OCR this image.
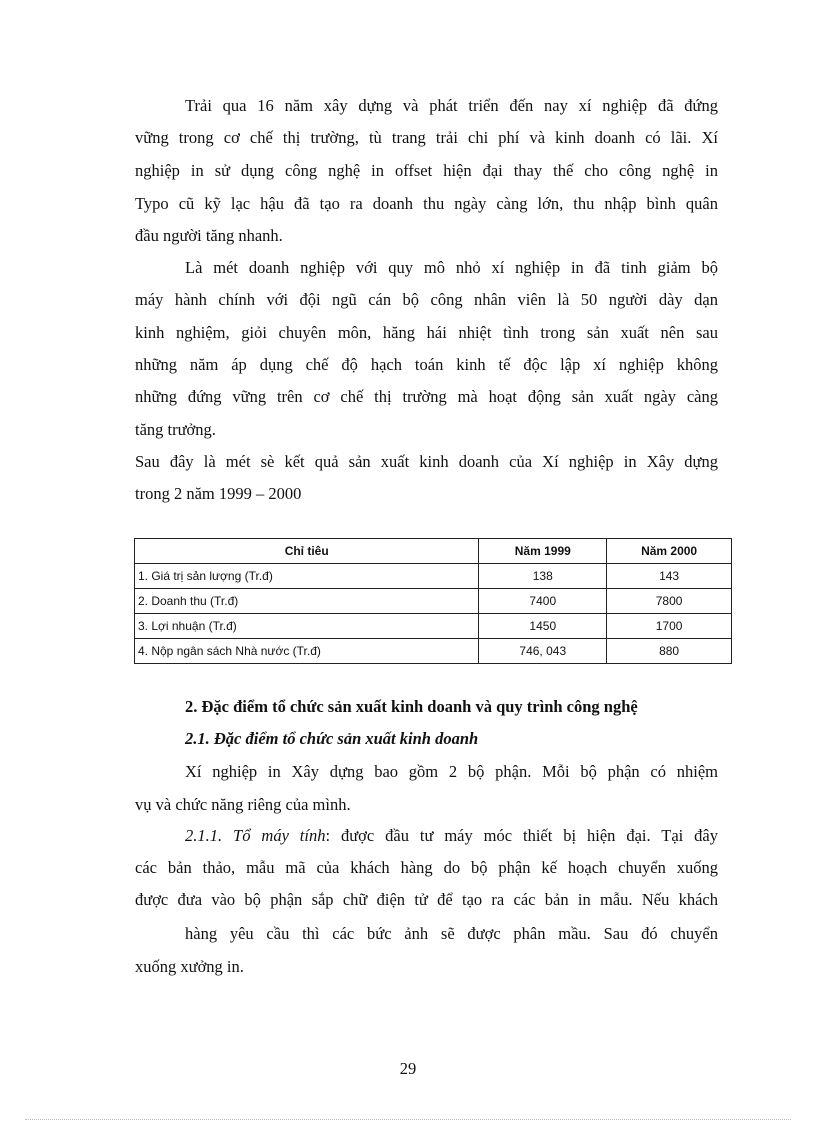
Trải qua 16 năm xây dựng và phát triển đến nay xí nghiệp đã đứng
vững trong cơ chế thị trường, tù trang trải chi phí và kinh doanh có lãi. Xí
nghiệp in sử dụng công nghệ in offset hiện đại thay thế cho công nghệ in
Typo cũ kỹ lạc hậu đã tạo ra doanh thu ngày càng lớn, thu nhập bình quân
đầu người tăng nhanh.
Là mét doanh nghiệp với quy mô nhỏ xí nghiệp in đã tinh giảm bộ
máy hành chính với đội ngũ cán bộ công nhân viên là 50 người dày dạn
kinh nghiệm, giỏi chuyên môn, hăng hái nhiệt tình trong sản xuất nên sau
những năm áp dụng chế độ hạch toán kinh tế độc lập xí nghiệp không
những đứng vững trên cơ chế thị trường mà hoạt động sản xuất ngày càng
tăng trưởng.
Sau đây là mét sè kết quả sản xuất kinh doanh của Xí nghiệp in Xây dựng
trong 2 năm 1999 – 2000
Chỉ tiêu	Năm 1999	Năm 2000
1. Giá trị sản lượng (Tr.đ)	138	143
2. Doanh thu (Tr.đ)	7400	7800
3. Lợi nhuận (Tr.đ)	1450	1700
4. Nộp ngân sách Nhà nước (Tr.đ)	746, 043	880
2. Đặc điểm tổ chức sản xuất kinh doanh và quy trình công nghệ
2.1. Đặc điểm tổ chức sản xuất kinh doanh
Xí nghiệp in Xây dựng bao gồm 2 bộ phận. Mỗi bộ phận có nhiệm
vụ và chức năng riêng của mình.
2.1.1. Tổ máy tính: được đầu tư máy móc thiết bị hiện đại. Tại đây
các bản thảo, mẫu mã của khách hàng do bộ phận kế hoạch chuyển xuống
được đưa vào bộ phận sắp chữ điện tử để tạo ra các bản in mẫu. Nếu khách
hàng yêu cầu thì các bức ảnh sẽ được phân mầu. Sau đó chuyển
xuống xưởng in.
29
